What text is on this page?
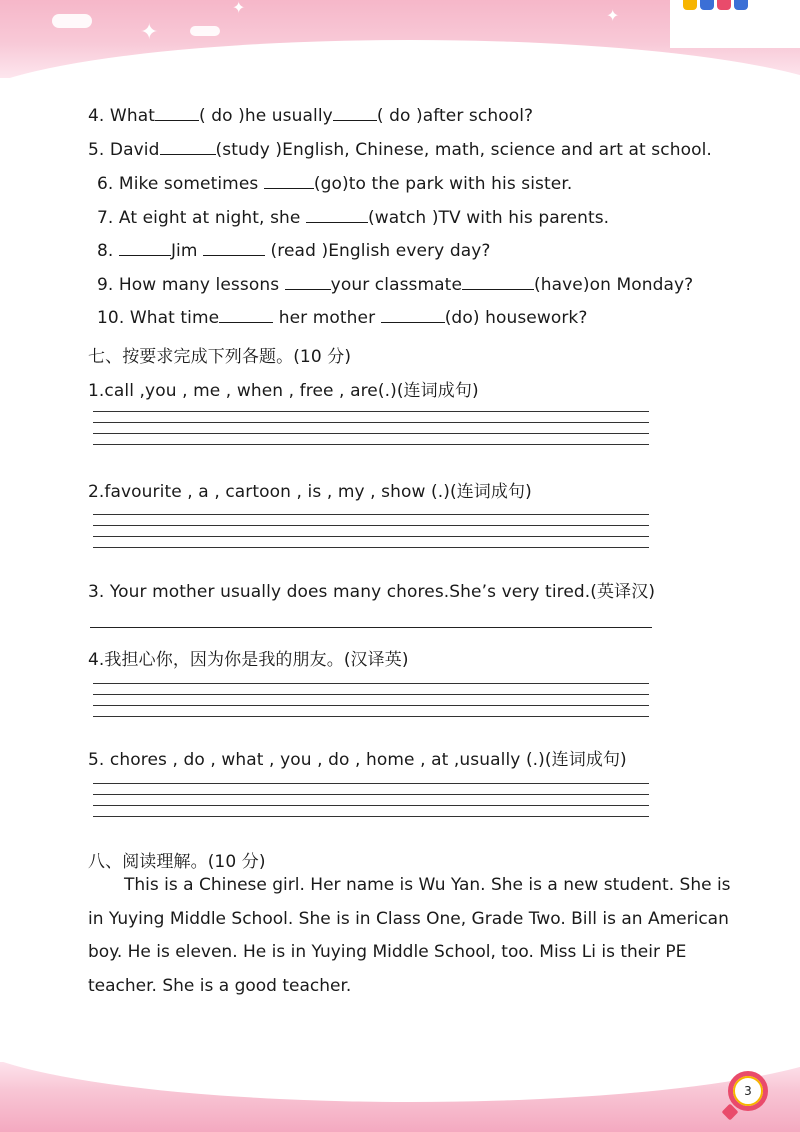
✦
✦	✦
4. What	( do )he usually	( do )after school?
5. David	(study )English, Chinese, math, science and art at school.
6. Mike sometimes	(go)to the park with his sister.
7. At eight at night, she	(watch )TV with his parents.
8.	Jim	(read )English every day?
9. How many lessons	your classmate	(have)on Monday?
10. What time	her mother	(do) housework?
七、按要求完成下列各题。(10 分)
1.call ,you , me , when , free , are(.)(连词成句)
2.favourite , a , cartoon , is , my , show (.)(连词成句)
3. Your mother usually does many chores.She’s very tired.(英译汉)
4.我担心你，因为你是我的朋友。(汉译英)
5. chores , do , what , you , do , home , at ,usually (.)(连词成句)
八、阅读理解。(10 分)
This is a Chinese girl. Her name is Wu Yan. She is a new student. She is in Yuying Middle School. She is in Class One, Grade Two. Bill is an American boy. He is eleven. He is in Yuying Middle School, too. Miss Li is their PE teacher. She is a good teacher.
3
